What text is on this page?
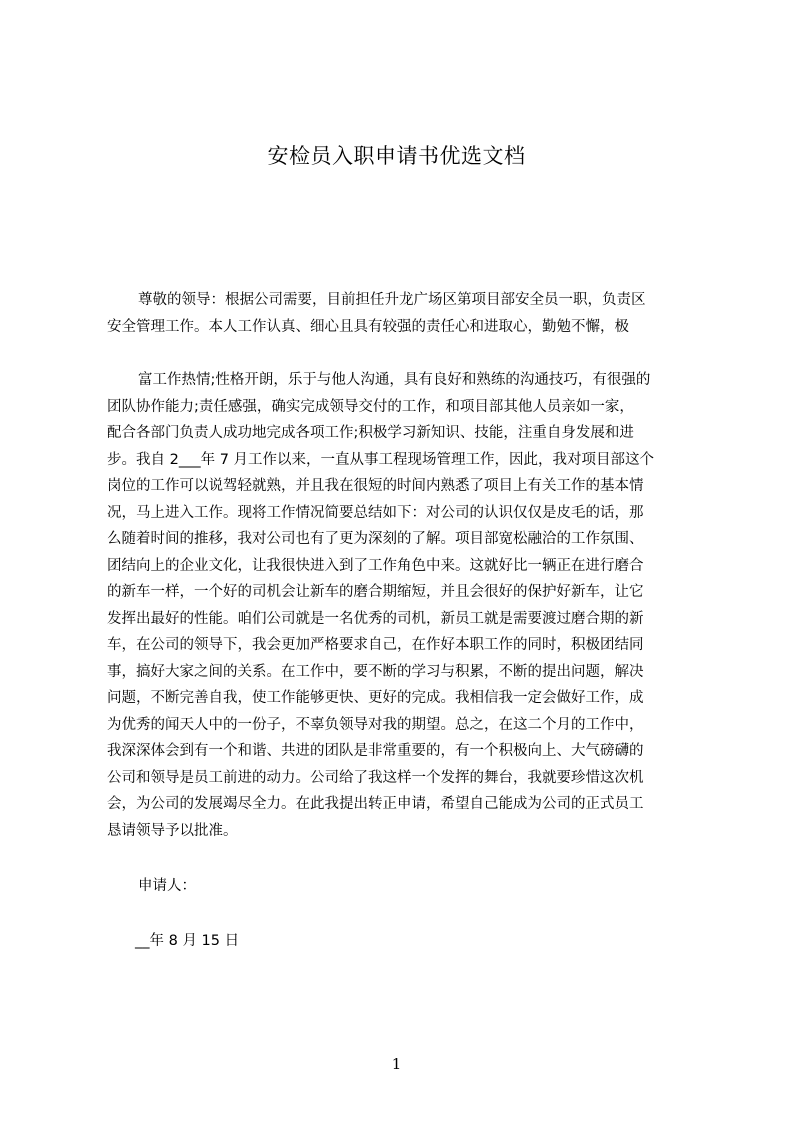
安检员入职申请书优选文档
尊敬的领导：根据公司需要，目前担任升龙广场区第项目部安全员一职，负责区
安全管理工作。本人工作认真、细心且具有较强的责任心和进取心，勤勉不懈，极
富工作热情;性格开朗，乐于与他人沟通，具有良好和熟练的沟通技巧，有很强的
团队协作能力;责任感强，确实完成领导交付的工作，和项目部其他人员亲如一家，
配合各部门负责人成功地完成各项工作;积极学习新知识、技能，注重自身发展和进
步。我自 2___年 7 月工作以来，一直从事工程现场管理工作，因此，我对项目部这个
岗位的工作可以说驾轻就熟，并且我在很短的时间内熟悉了项目上有关工作的基本情
况，马上进入工作。现将工作情况简要总结如下：对公司的认识仅仅是皮毛的话，那
么随着时间的推移，我对公司也有了更为深刻的了解。项目部宽松融洽的工作氛围、
团结向上的企业文化，让我很快进入到了工作角色中来。这就好比一辆正在进行磨合
的新车一样，一个好的司机会让新车的磨合期缩短，并且会很好的保护好新车，让它
发挥出最好的性能。咱们公司就是一名优秀的司机，新员工就是需要渡过磨合期的新
车，在公司的领导下，我会更加严格要求自己，在作好本职工作的同时，积极团结同
事，搞好大家之间的关系。在工作中，要不断的学习与积累，不断的提出问题，解决
问题，不断完善自我，使工作能够更快、更好的完成。我相信我一定会做好工作，成
为优秀的闻天人中的一份子，不辜负领导对我的期望。总之，在这二个月的工作中，
我深深体会到有一个和谐、共进的团队是非常重要的，有一个积极向上、大气磅礴的
公司和领导是员工前进的动力。公司给了我这样一个发挥的舞台，我就要珍惜这次机
会，为公司的发展竭尽全力。在此我提出转正申请，希望自己能成为公司的正式员工
恳请领导予以批准。
申请人：
__年 8 月 15 日
1
